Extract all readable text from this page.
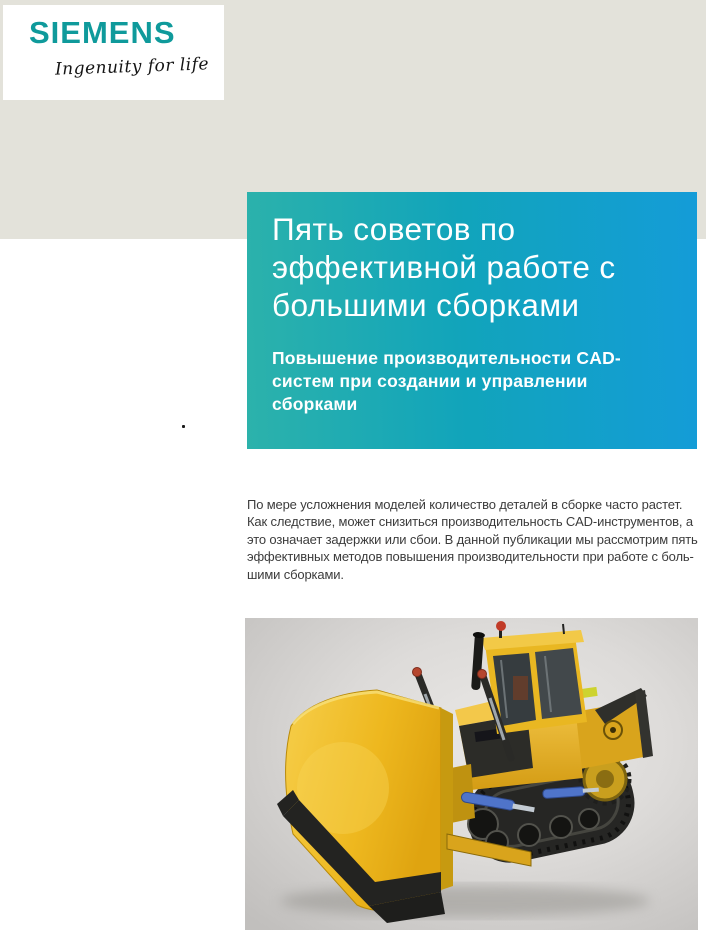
SIEMENS
Ingenuity for life
Пять советов по
эффективной работе с
большими сборками
Повышение производительности CAD-
систем при создании и управлении
сборками
По мере усложнения моделей количество деталей в сборке часто растет.
Как следствие, может снизиться производительность CAD-инструментов, а
это означает задержки или сбои. В данной публикации мы рассмотрим пять
эффективных методов повышения производительности при работе с боль-
шими сборками.
